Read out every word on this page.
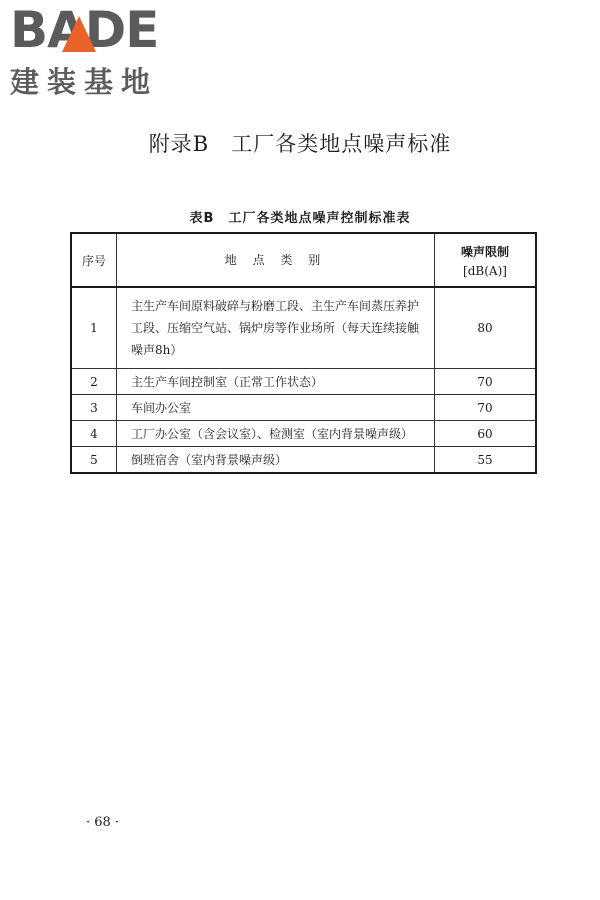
BADE
建装基地
附录B　工厂各类地点噪声标准
表B　工厂各类地点噪声控制标准表
序号	地 点 类 别	噪声限制
[dB(A)]

1	主生产车间原料破碎与粉磨工段、主生产车间蒸压养护工段、压缩空气站、锅炉房等作业场所（每天连续接触噪声8h）	80
2	主生产车间控制室（正常工作状态）	70
3	车间办公室	70
4	工厂办公室（含会议室）、检测室（室内背景噪声级）	60
5	倒班宿舍（室内背景噪声级）	55
· 68 ·
